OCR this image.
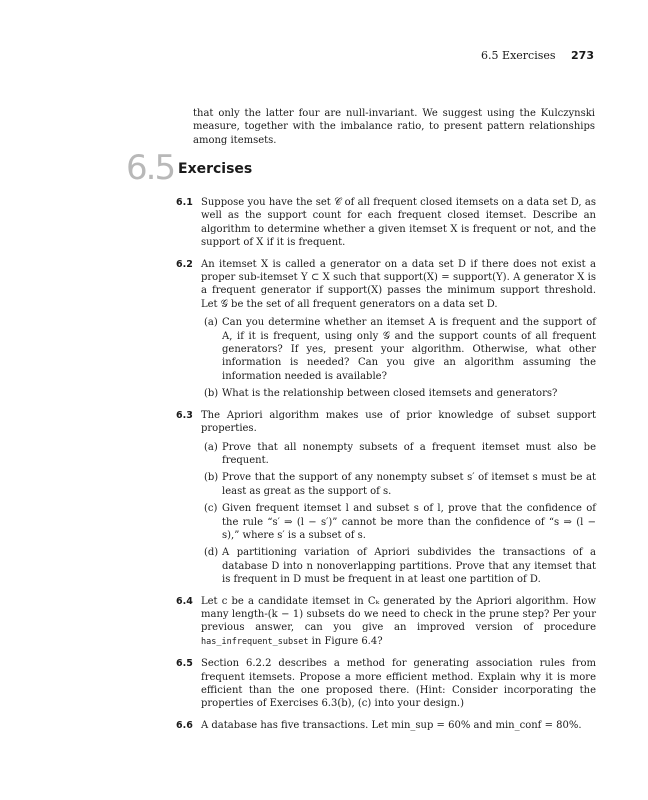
6.5 Exercises 273

that only the latter four are null-invariant. We suggest using the Kulczynski measure, together with the imbalance ratio, to present pattern relationships among itemsets.

6.5 Exercises
6.1 Suppose you have the set 𝒞 of all frequent closed itemsets on a data set D, as well as the support count for each frequent closed itemset. Describe an algorithm to determine whether a given itemset X is frequent or not, and the support of X if it is frequent.

6.2 An itemset X is called a generator on a data set D if there does not exist a proper sub-itemset Y ⊂ X such that support(X) = support(Y). A generator X is a frequent generator if support(X) passes the minimum support threshold. Let 𝒢 be the set of all frequent generators on a data set D.

(a) Can you determine whether an itemset A is frequent and the support of A, if it is frequent, using only 𝒢 and the support counts of all frequent generators? If yes, present your algorithm. Otherwise, what other information is needed? Can you give an algorithm assuming the information needed is available?
(b) What is the relationship between closed itemsets and generators?
6.3 The Apriori algorithm makes use of prior knowledge of subset support properties.

(a) Prove that all nonempty subsets of a frequent itemset must also be frequent.
(b) Prove that the support of any nonempty subset s′ of itemset s must be at least as great as the support of s.
(c) Given frequent itemset l and subset s of l, prove that the confidence of the rule “s′ ⇒ (l − s′)” cannot be more than the confidence of “s ⇒ (l − s),” where s′ is a subset of s.
(d) A partitioning variation of Apriori subdivides the transactions of a database D into n nonoverlapping partitions. Prove that any itemset that is frequent in D must be frequent in at least one partition of D.
6.4 Let c be a candidate itemset in Cₖ generated by the Apriori algorithm. How many length-(k − 1) subsets do we need to check in the prune step? Per your previous answer, can you give an improved version of procedure has_infrequent_subset in Figure 6.4?

6.5 Section 6.2.2 describes a method for generating association rules from frequent itemsets. Propose a more efficient method. Explain why it is more efficient than the one proposed there. (Hint: Consider incorporating the properties of Exercises 6.3(b), (c) into your design.)

6.6 A database has five transactions. Let min_sup = 60% and min_conf = 80%.
